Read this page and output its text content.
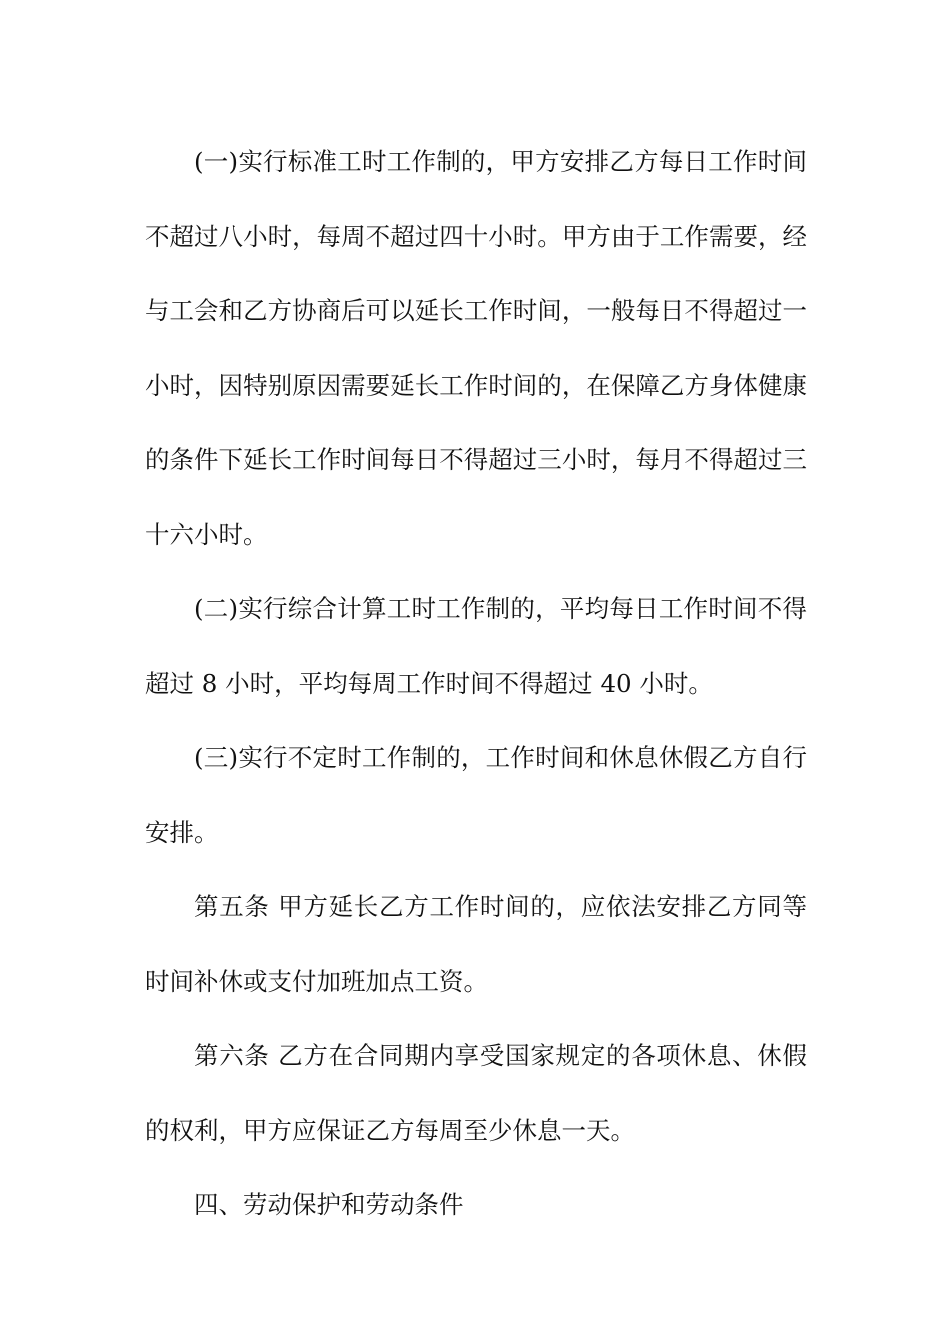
(一)实行标准工时工作制的，甲方安排乙方每日工作时间不超过八小时，每周不超过四十小时。甲方由于工作需要，经与工会和乙方协商后可以延长工作时间，一般每日不得超过一小时，因特别原因需要延长工作时间的，在保障乙方身体健康的条件下延长工作时间每日不得超过三小时，每月不得超过三十六小时。

(二)实行综合计算工时工作制的，平均每日工作时间不得超过 8 小时，平均每周工作时间不得超过 40 小时。

(三)实行不定时工作制的，工作时间和休息休假乙方自行安排。

第五条 甲方延长乙方工作时间的，应依法安排乙方同等时间补休或支付加班加点工资。

第六条 乙方在合同期内享受国家规定的各项休息、休假的权利，甲方应保证乙方每周至少休息一天。

四、劳动保护和劳动条件
